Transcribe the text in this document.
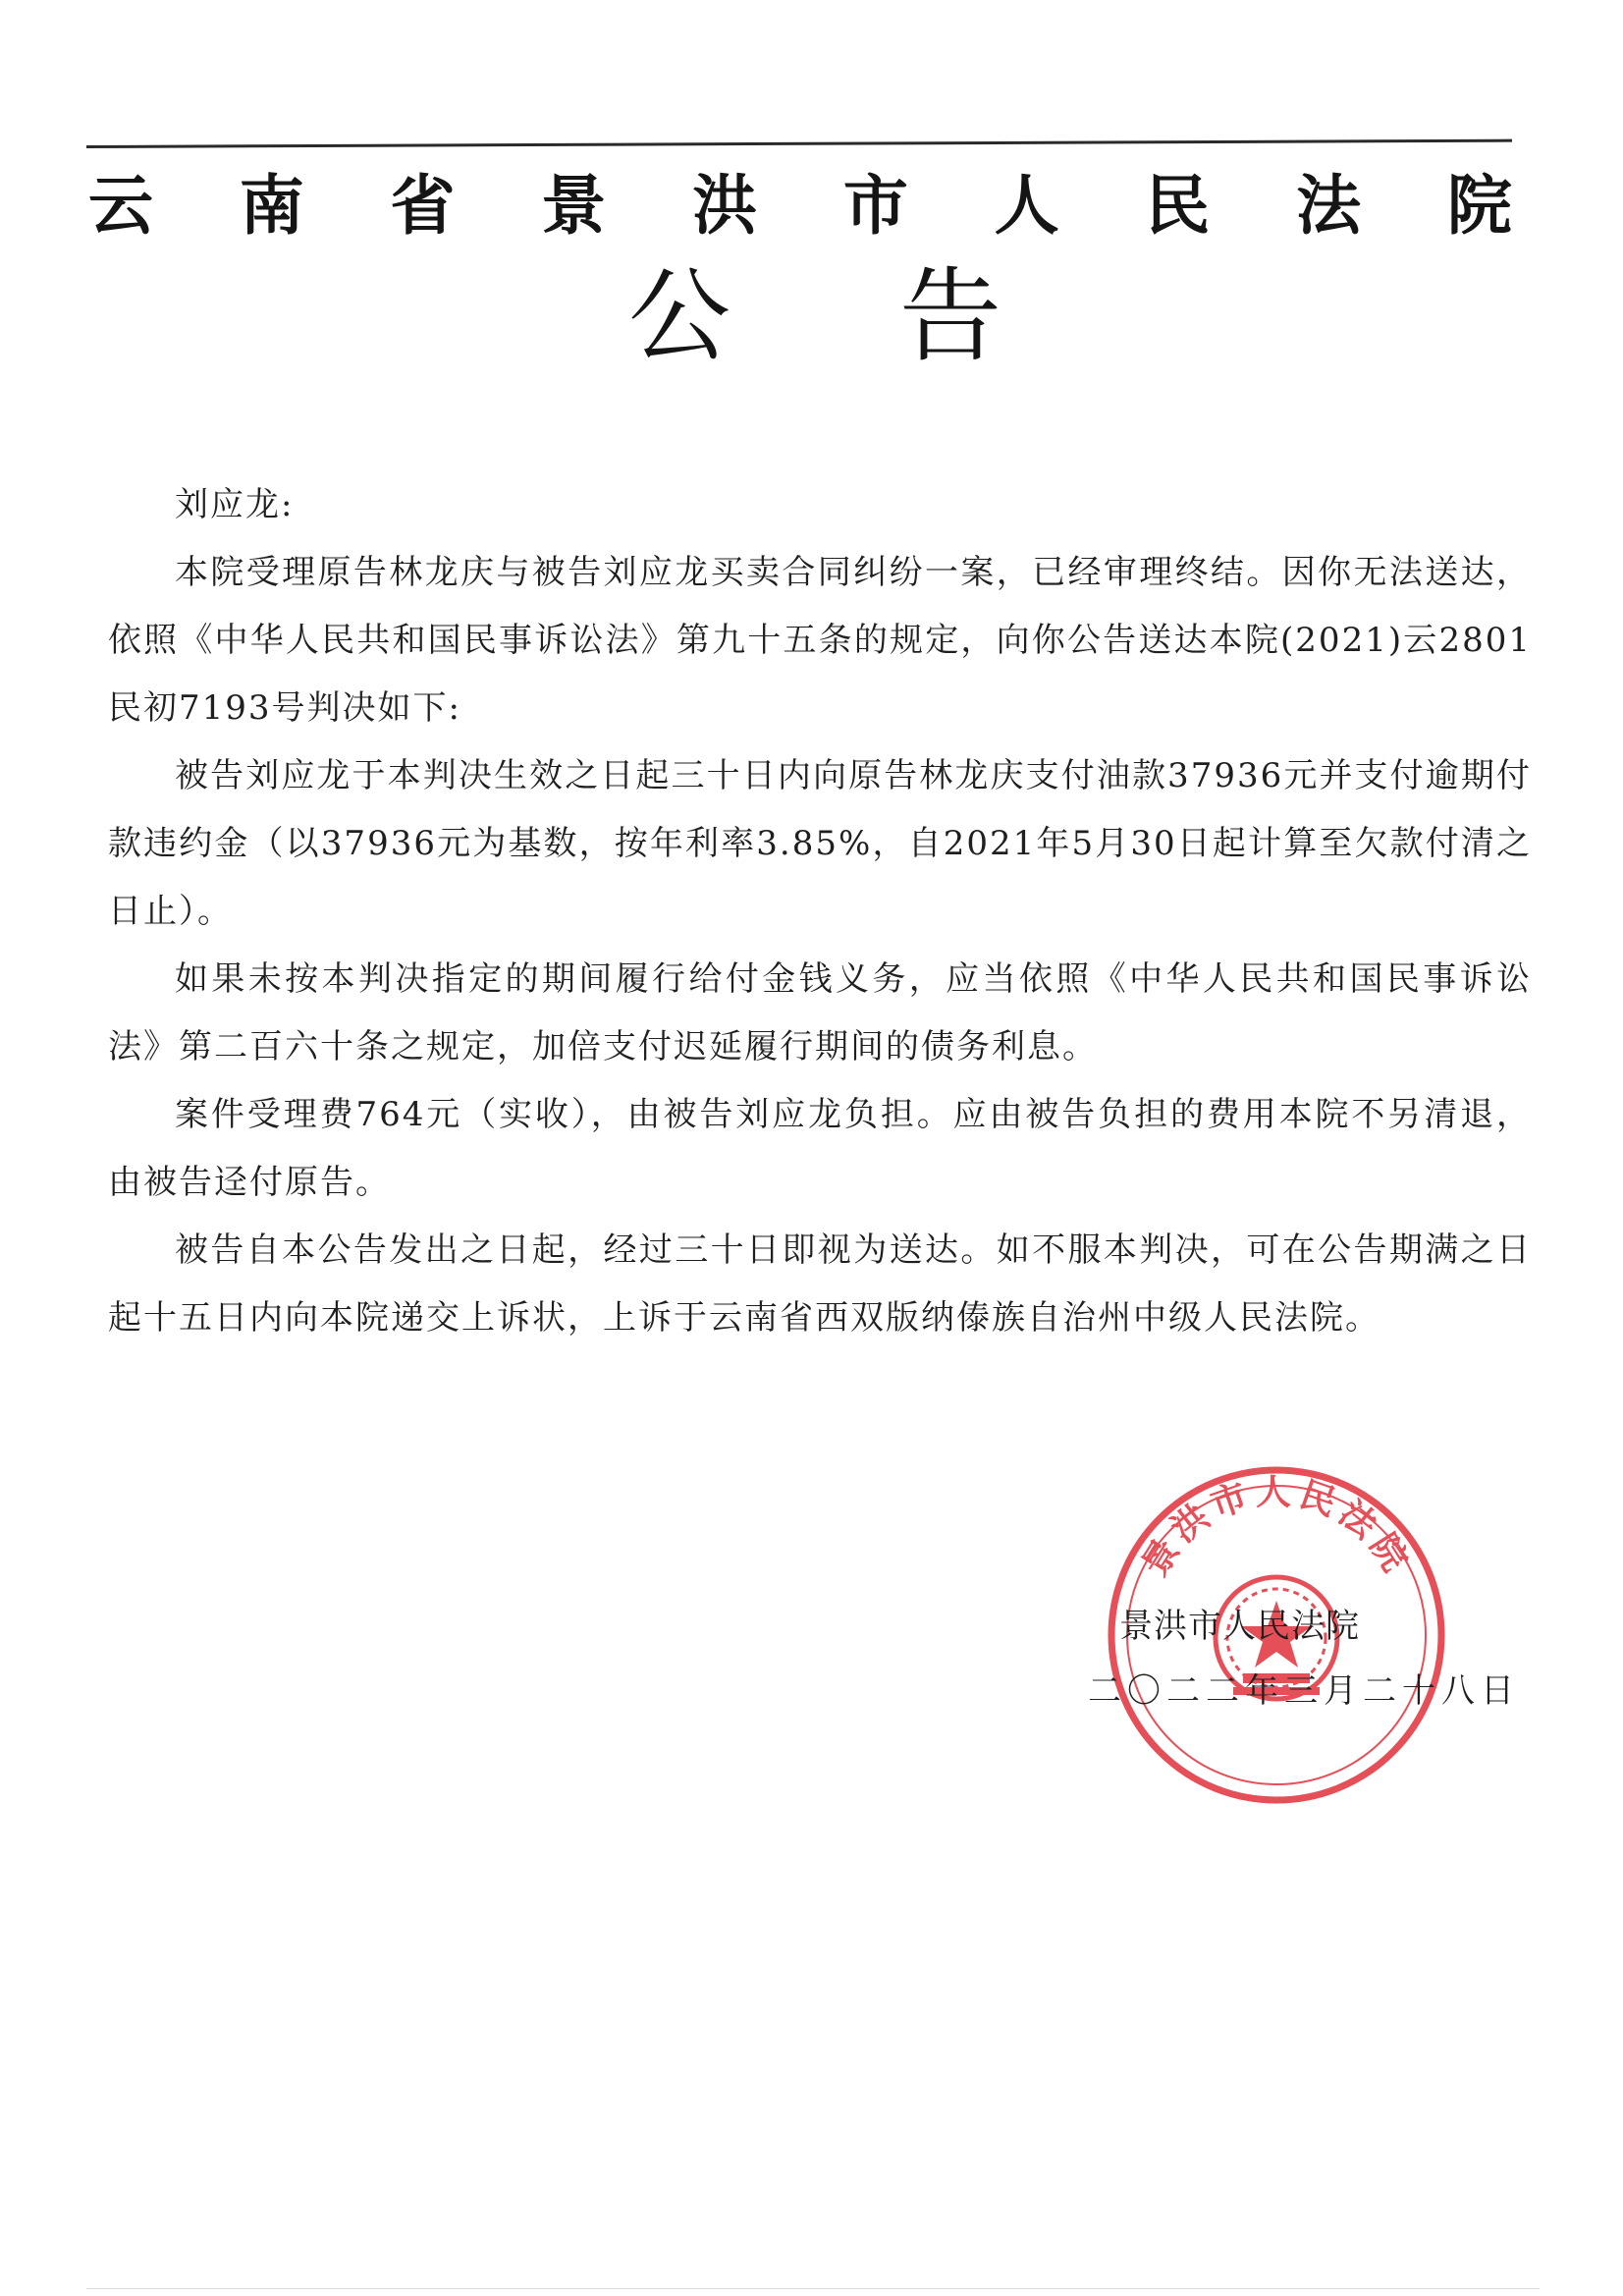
云 南 省 景 洪 市 人 民 法 院
公 告

刘应龙:

本院受理原告林龙庆与被告刘应龙买卖合同纠纷一案，已经审理终结。因你无法送达，依照《中华人民共和国民事诉讼法》第九十五条的规定，向你公告送达本院(2021)云2801民初7193号判决如下:

被告刘应龙于本判决生效之日起三十日内向原告林龙庆支付油款37936元并支付逾期付款违约金（以37936元为基数，按年利率3.85%，自2021年5月30日起计算至欠款付清之日止）。

如果未按本判决指定的期间履行给付金钱义务，应当依照《中华人民共和国民事诉讼法》第二百六十条之规定，加倍支付迟延履行期间的债务利息。

案件受理费764元（实收），由被告刘应龙负担。应由被告负担的费用本院不另清退，由被告迳付原告。

被告自本公告发出之日起，经过三十日即视为送达。如不服本判决，可在公告期满之日起十五日内向本院递交上诉状，上诉于云南省西双版纳傣族自治州中级人民法院。

景洪市人民法院
景洪市人民法院
二〇二二年三月二十八日
